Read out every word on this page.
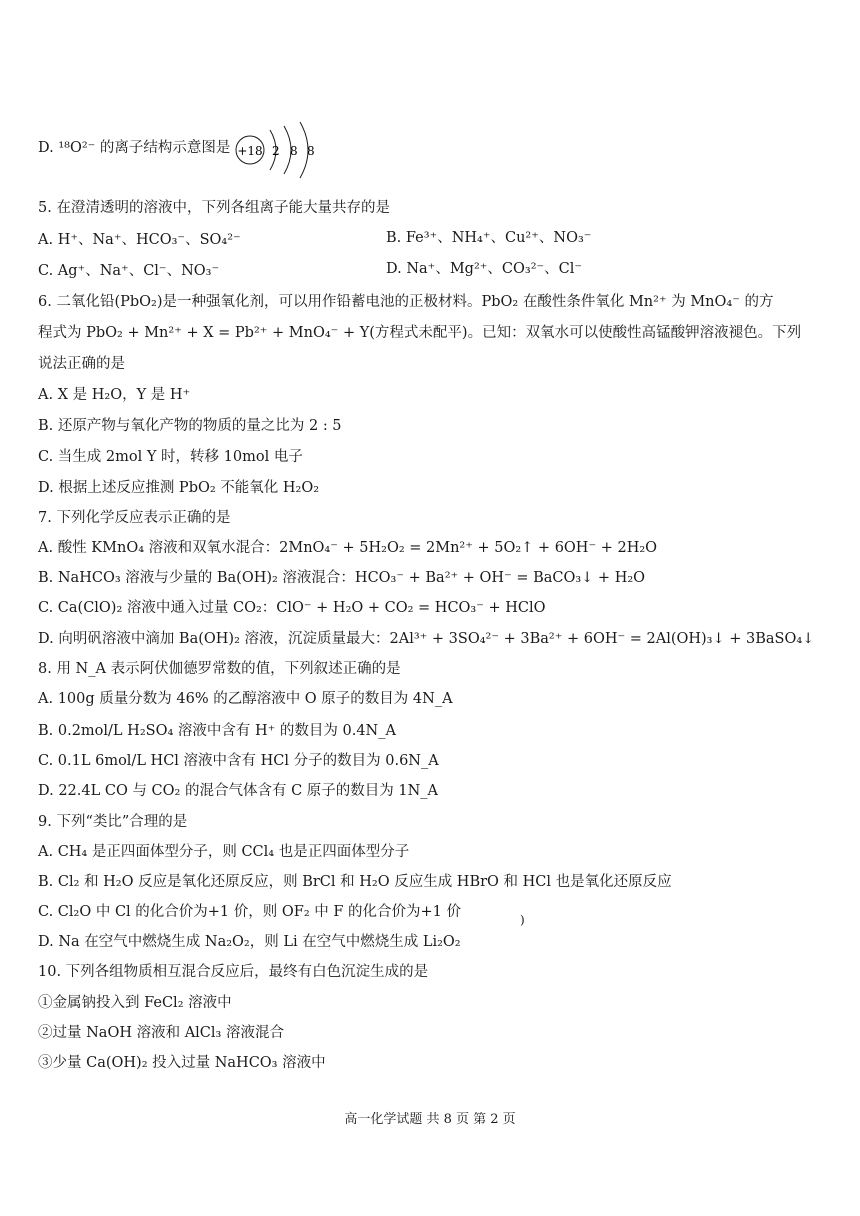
D. ¹⁸O²⁻ 的离子结构示意图是 +18 2 8 8
5. 在澄清透明的溶液中，下列各组离子能大量共存的是
A. H⁺、Na⁺、HCO₃⁻、SO₄²⁻	B. Fe³⁺、NH₄⁺、Cu²⁺、NO₃⁻
C. Ag⁺、Na⁺、Cl⁻、NO₃⁻	D. Na⁺、Mg²⁺、CO₃²⁻、Cl⁻
6. 二氧化铅(PbO₂)是一种强氧化剂，可以用作铅蓄电池的正极材料。PbO₂ 在酸性条件氧化 Mn²⁺ 为 MnO₄⁻ 的方
程式为 PbO₂ + Mn²⁺ + X = Pb²⁺ + MnO₄⁻ + Y(方程式未配平)。已知：双氧水可以使酸性高锰酸钾溶液褪色。下列
说法正确的是
A. X 是 H₂O，Y 是 H⁺
B. 还原产物与氧化产物的物质的量之比为 2 : 5
C. 当生成 2mol Y 时，转移 10mol 电子
D. 根据上述反应推测 PbO₂ 不能氧化 H₂O₂
7. 下列化学反应表示正确的是
A. 酸性 KMnO₄ 溶液和双氧水混合：2MnO₄⁻ + 5H₂O₂ = 2Mn²⁺ + 5O₂↑ + 6OH⁻ + 2H₂O
B. NaHCO₃ 溶液与少量的 Ba(OH)₂ 溶液混合：HCO₃⁻ + Ba²⁺ + OH⁻ = BaCO₃↓ + H₂O
C. Ca(ClO)₂ 溶液中通入过量 CO₂：ClO⁻ + H₂O + CO₂ = HCO₃⁻ + HClO
D. 向明矾溶液中滴加 Ba(OH)₂ 溶液，沉淀质量最大：2Al³⁺ + 3SO₄²⁻ + 3Ba²⁺ + 6OH⁻ = 2Al(OH)₃↓ + 3BaSO₄↓
8. 用 N_A 表示阿伏伽德罗常数的值，下列叙述正确的是
A. 100g 质量分数为 46% 的乙醇溶液中 O 原子的数目为 4N_A
B. 0.2mol/L H₂SO₄ 溶液中含有 H⁺ 的数目为 0.4N_A
C. 0.1L 6mol/L HCl 溶液中含有 HCl 分子的数目为 0.6N_A
D. 22.4L CO 与 CO₂ 的混合气体含有 C 原子的数目为 1N_A
9. 下列“类比”合理的是
A. CH₄ 是正四面体型分子，则 CCl₄ 也是正四面体型分子
B. Cl₂ 和 H₂O 反应是氧化还原反应，则 BrCl 和 H₂O 反应生成 HBrO 和 HCl 也是氧化还原反应
C. Cl₂O 中 Cl 的化合价为+1 价，则 OF₂ 中 F 的化合价为+1 价	)
D. Na 在空气中燃烧生成 Na₂O₂，则 Li 在空气中燃烧生成 Li₂O₂
10. 下列各组物质相互混合反应后，最终有白色沉淀生成的是
①金属钠投入到 FeCl₂ 溶液中
②过量 NaOH 溶液和 AlCl₃ 溶液混合
③少量 Ca(OH)₂ 投入过量 NaHCO₃ 溶液中
高一化学试题 共 8 页 第 2 页
